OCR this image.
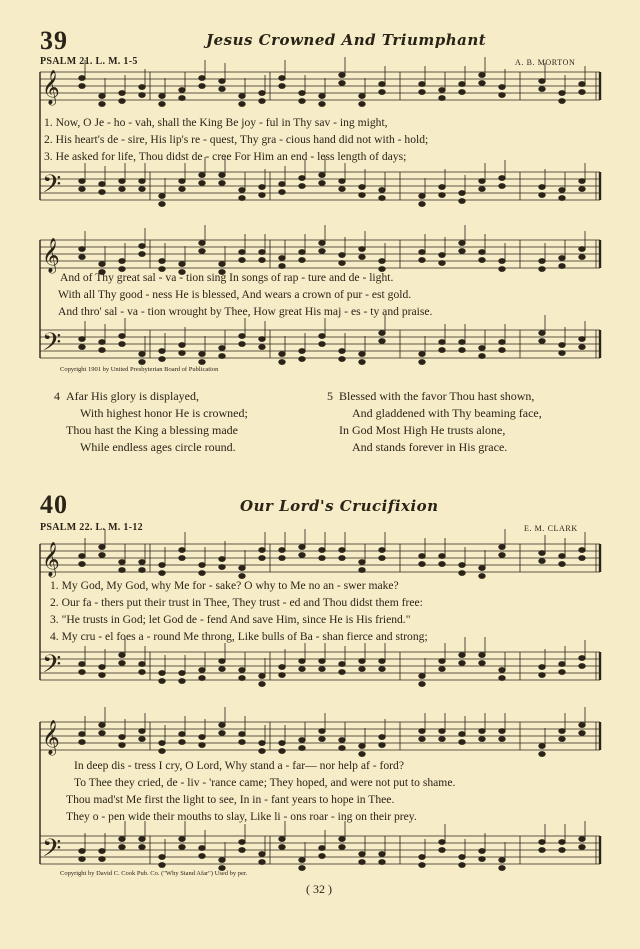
39	Jesus Crowned And Triumphant
PSALM 21. L. M. 1-5	A. B. MORTON
𝄞
𝄢
𝄞
𝄢
𝄞
𝄢
𝄞
𝄢
1. Now, O Je - ho - vah, shall the King Be joy - ful in Thy sav - ing might,
2. His heart's de - sire, His lip's re - quest, Thy gra - cious hand did not with - hold;
3. He asked for life, Thou didst de - cree For Him an end - less length of days;
And of Thy great sal - va - tion sing In songs of rap - ture and de - light.
With all Thy good - ness He is blessed, And wears a crown of pur - est gold.
And thro' sal - va - tion wrought by Thee, How great His maj - es - ty and praise.
Copyright 1901 by United Presbyterian Board of Publication
4 Afar His glory is displayed,
With highest honor He is crowned;
Thou hast the King a blessing made
While endless ages circle round.
5 Blessed with the favor Thou hast shown,
And gladdened with Thy beaming face,
In God Most High He trusts alone,
And stands forever in His grace.
40	Our Lord's Crucifixion
PSALM 22. L. M. 1-12	E. M. CLARK
1. My God, My God, why Me for - sake? O why to Me no an - swer make?
2. Our fa - thers put their trust in Thee, They trust - ed and Thou didst them free:
3. "He trusts in God; let God de - fend And save Him, since He is His friend."
4. My cru - el foes a - round Me throng, Like bulls of Ba - shan fierce and strong;
In deep dis - tress I cry, O Lord, Why stand a - far— nor help af - ford?
To Thee they cried, de - liv - 'rance came; They hoped, and were not put to shame.
Thou mad'st Me first the light to see, In in - fant years to hope in Thee.
They o - pen wide their mouths to slay, Like li - ons roar - ing on their prey.
Copyright by David C. Cook Pub. Co. ("Why Stand Afar") Used by per.
( 32 )
